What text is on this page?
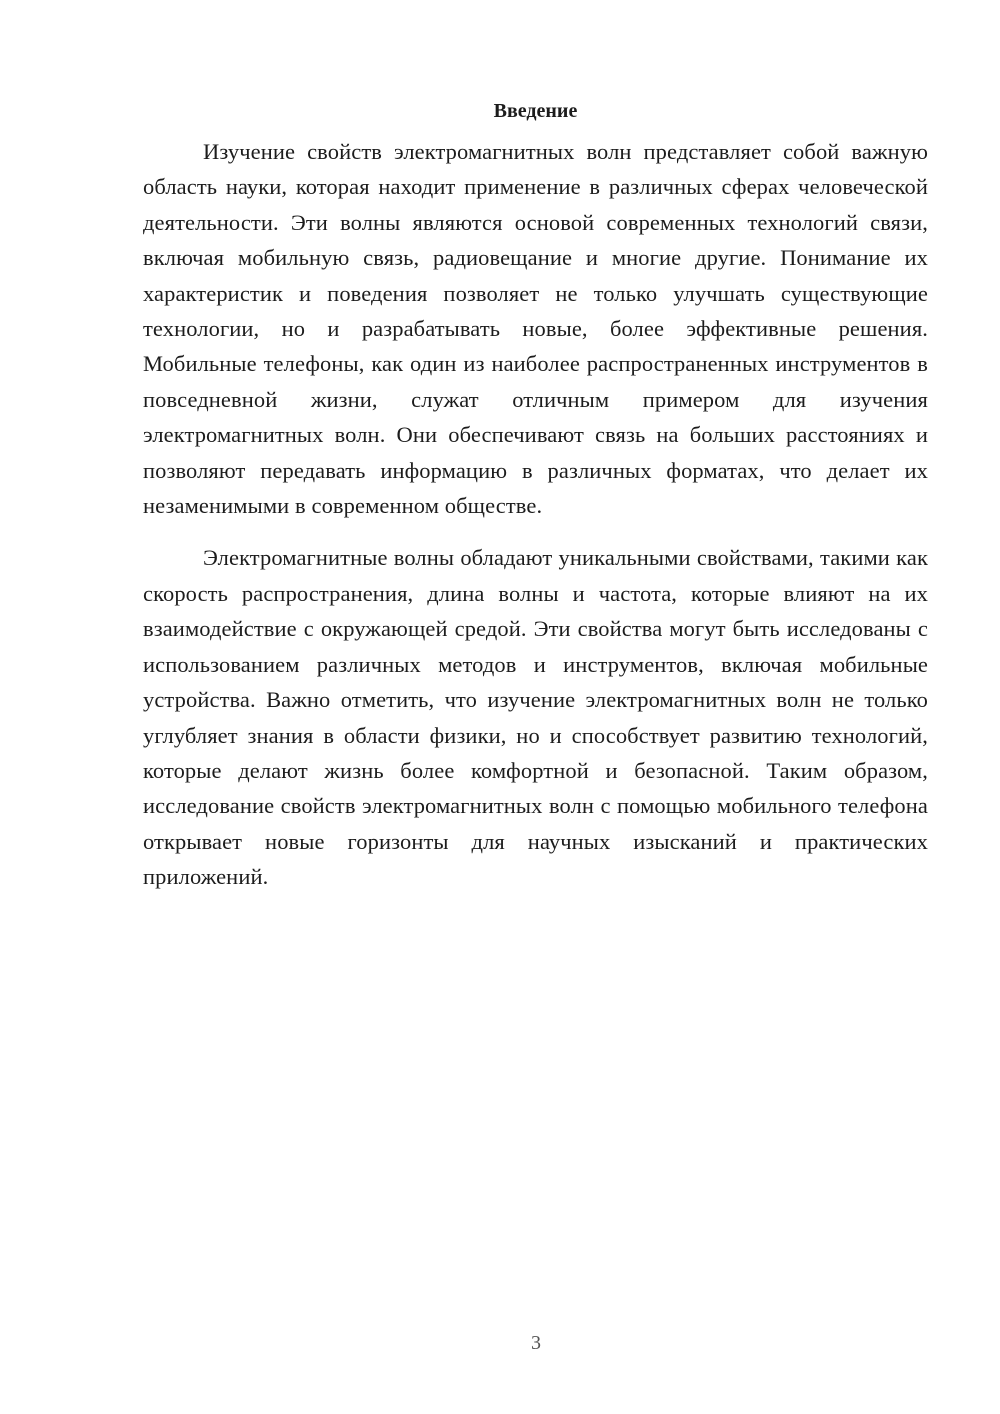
Введение

Изучение свойств электромагнитных волн представляет собой важную область науки, которая находит применение в различных сферах человеческой деятельности. Эти волны являются основой современных технологий связи, включая мобильную связь, радиовещание и многие другие. Понимание их характеристик и поведения позволяет не только улучшать существующие технологии, но и разрабатывать новые, более эффективные решения. Мобильные телефоны, как один из наиболее распространенных инструментов в повседневной жизни, служат отличным примером для изучения электромагнитных волн. Они обеспечивают связь на больших расстояниях и позволяют передавать информацию в различных форматах, что делает их незаменимыми в современном обществе.

Электромагнитные волны обладают уникальными свойствами, такими как скорость распространения, длина волны и частота, которые влияют на их взаимодействие с окружающей средой. Эти свойства могут быть исследованы с использованием различных методов и инструментов, включая мобильные устройства. Важно отметить, что изучение электромагнитных волн не только углубляет знания в области физики, но и способствует развитию технологий, которые делают жизнь более комфортной и безопасной. Таким образом, исследование свойств электромагнитных волн с помощью мобильного телефона открывает новые горизонты для научных изысканий и практических приложений.

3
